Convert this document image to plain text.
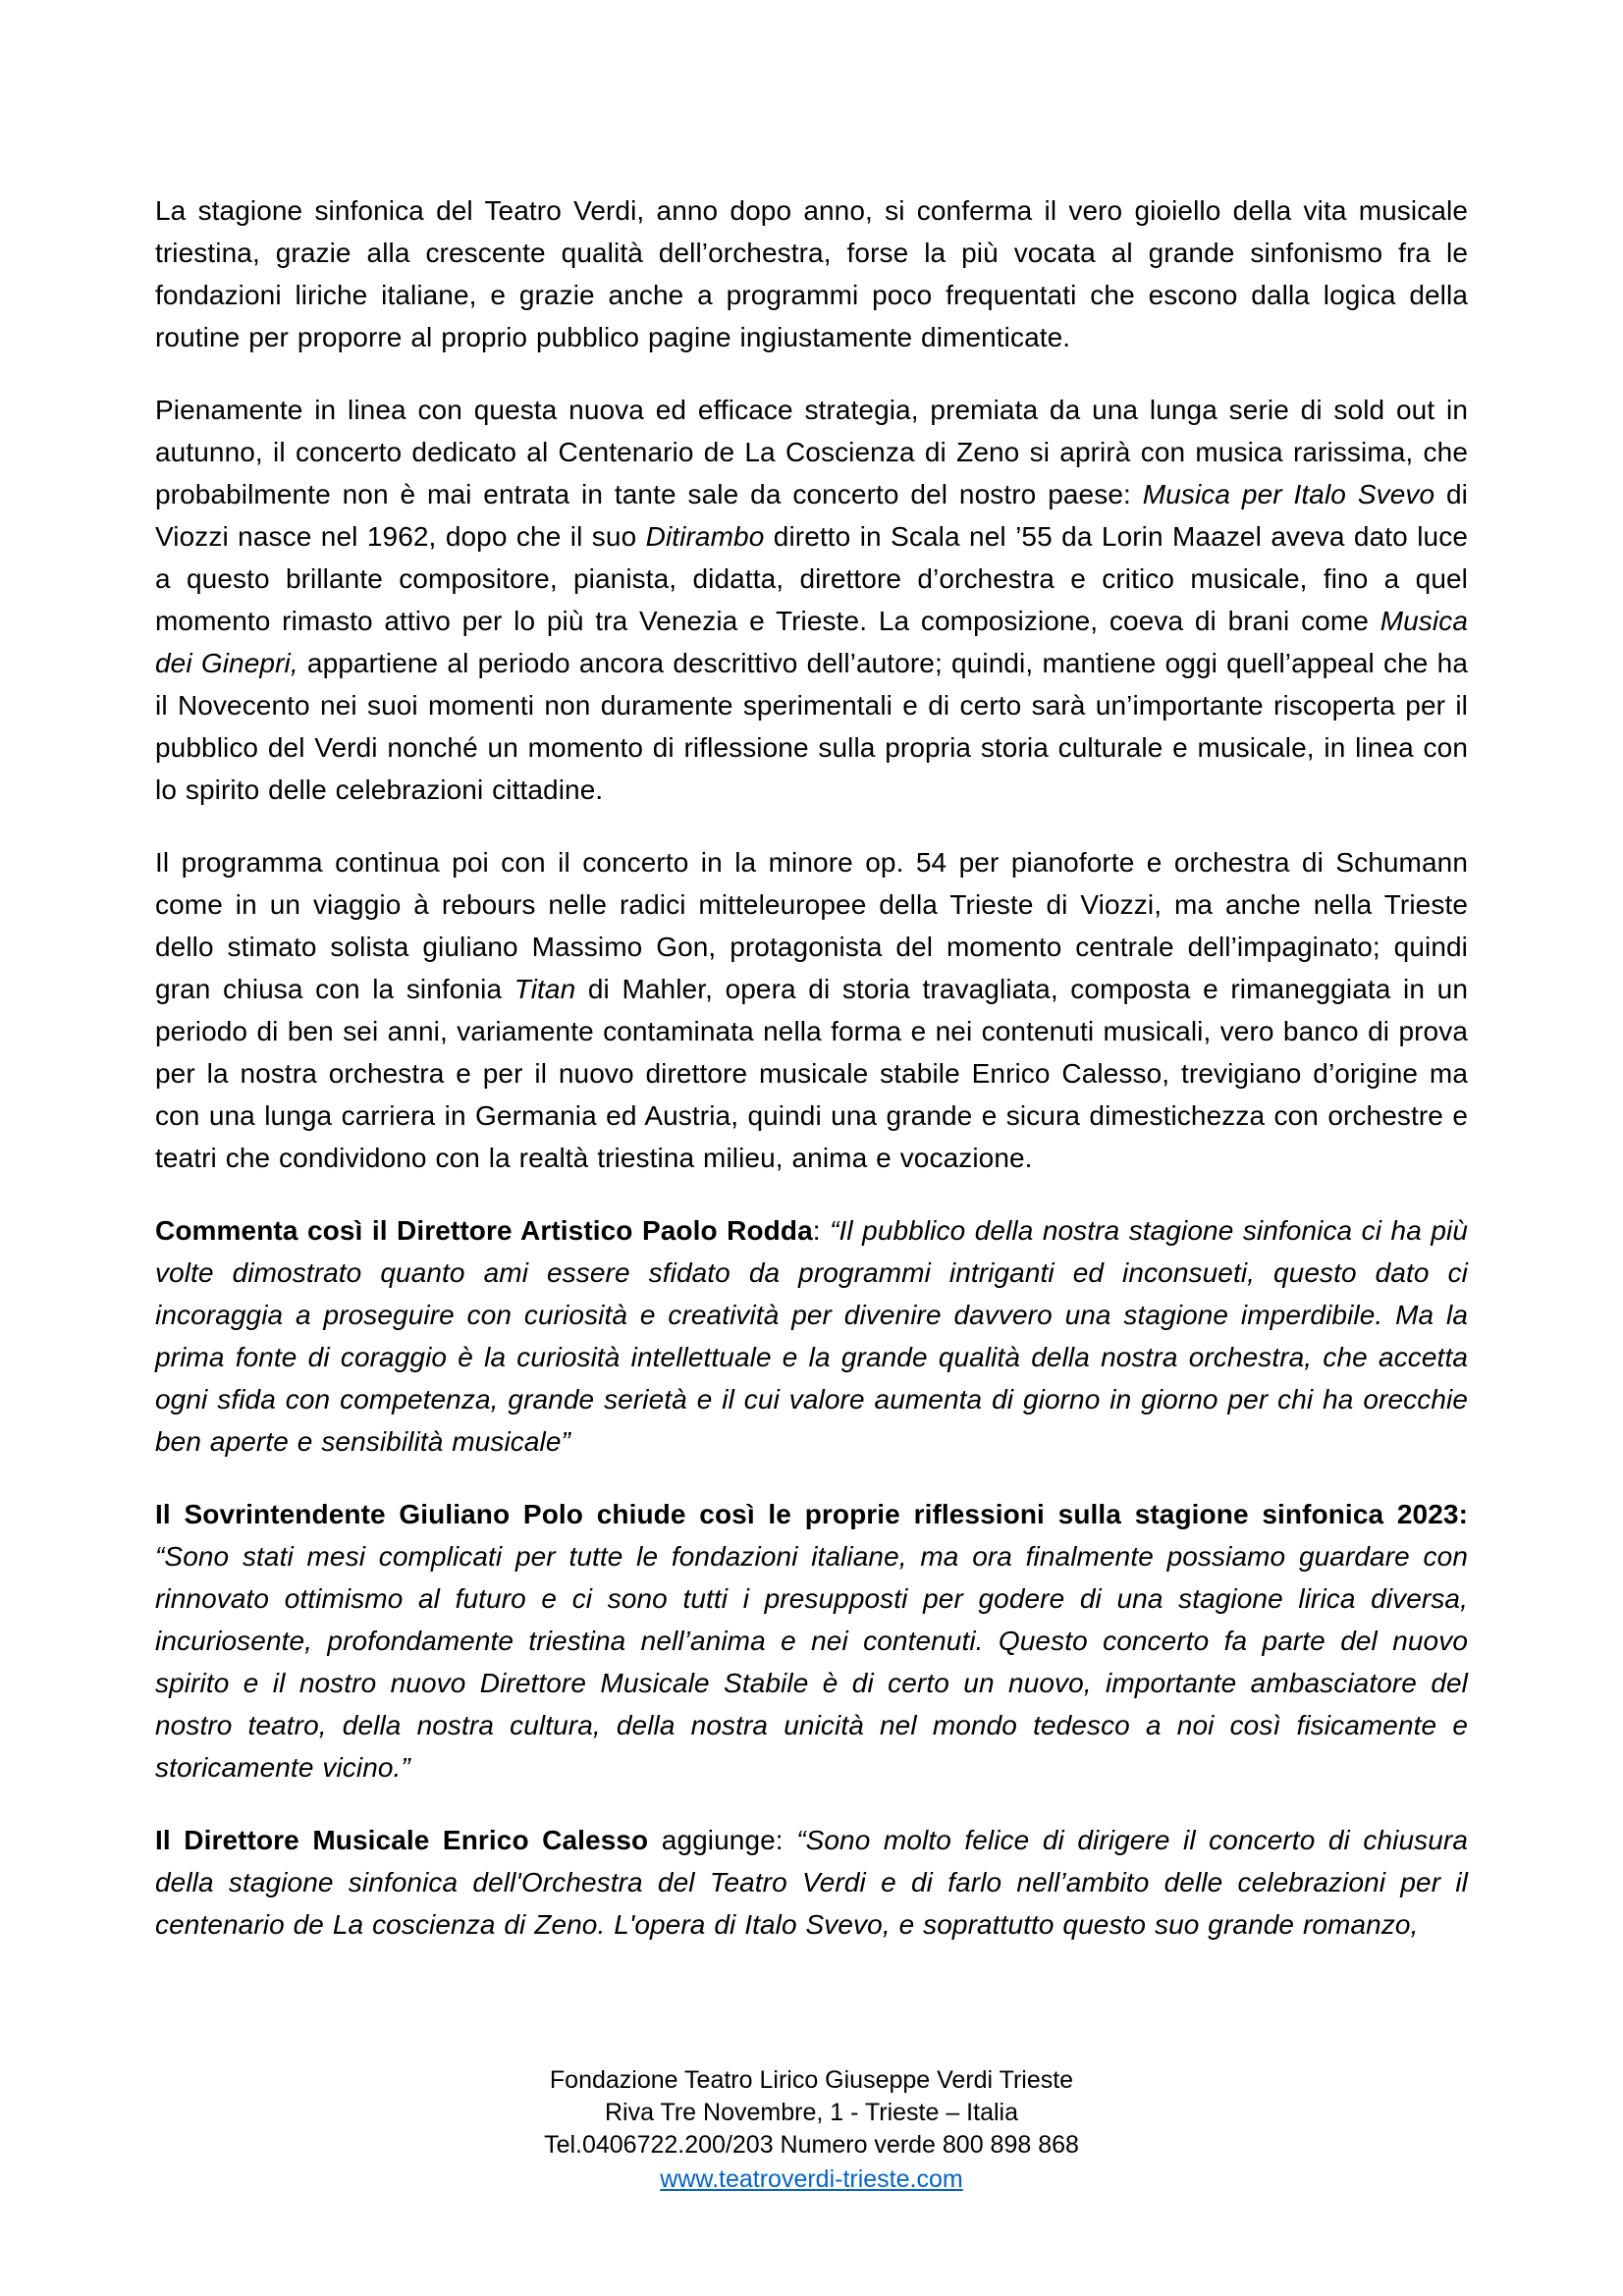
La stagione sinfonica del Teatro Verdi, anno dopo anno, si conferma il vero gioiello della vita musicale triestina, grazie alla crescente qualità dell’orchestra, forse la più vocata al grande sinfonismo fra le fondazioni liriche italiane, e grazie anche a programmi poco frequentati che escono dalla logica della routine per proporre al proprio pubblico pagine ingiustamente dimenticate.

Pienamente in linea con questa nuova ed efficace strategia, premiata da una lunga serie di sold out in autunno, il concerto dedicato al Centenario de La Coscienza di Zeno si aprirà con musica rarissima, che probabilmente non è mai entrata in tante sale da concerto del nostro paese: Musica per Italo Svevo di Viozzi nasce nel 1962, dopo che il suo Ditirambo diretto in Scala nel ’55 da Lorin Maazel aveva dato luce a questo brillante compositore, pianista, didatta, direttore d’orchestra e critico musicale, fino a quel momento rimasto attivo per lo più tra Venezia e Trieste. La composizione, coeva di brani come Musica dei Ginepri, appartiene al periodo ancora descrittivo dell’autore; quindi, mantiene oggi quell’appeal che ha il Novecento nei suoi momenti non duramente sperimentali e di certo sarà un’importante riscoperta per il pubblico del Verdi nonché un momento di riflessione sulla propria storia culturale e musicale, in linea con lo spirito delle celebrazioni cittadine.

Il programma continua poi con il concerto in la minore op. 54 per pianoforte e orchestra di Schumann come in un viaggio à rebours nelle radici mitteleuropee della Trieste di Viozzi, ma anche nella Trieste dello stimato solista giuliano Massimo Gon, protagonista del momento centrale dell’impaginato; quindi gran chiusa con la sinfonia Titan di Mahler, opera di storia travagliata, composta e rimaneggiata in un periodo di ben sei anni, variamente contaminata nella forma e nei contenuti musicali, vero banco di prova per la nostra orchestra e per il nuovo direttore musicale stabile Enrico Calesso, trevigiano d’origine ma con una lunga carriera in Germania ed Austria, quindi una grande e sicura dimestichezza con orchestre e teatri che condividono con la realtà triestina milieu, anima e vocazione.

Commenta così il Direttore Artistico Paolo Rodda: “Il pubblico della nostra stagione sinfonica ci ha più volte dimostrato quanto ami essere sfidato da programmi intriganti ed inconsueti, questo dato ci incoraggia a proseguire con curiosità e creatività per divenire davvero una stagione imperdibile. Ma la prima fonte di coraggio è la curiosità intellettuale e la grande qualità della nostra orchestra, che accetta ogni sfida con competenza, grande serietà e il cui valore aumenta di giorno in giorno per chi ha orecchie ben aperte e sensibilità musicale”

Il Sovrintendente Giuliano Polo chiude così le proprie riflessioni sulla stagione sinfonica 2023: “Sono stati mesi complicati per tutte le fondazioni italiane, ma ora finalmente possiamo guardare con rinnovato ottimismo al futuro e ci sono tutti i presupposti per godere di una stagione lirica diversa, incuriosente, profondamente triestina nell’anima e nei contenuti. Questo concerto fa parte del nuovo spirito e il nostro nuovo Direttore Musicale Stabile è di certo un nuovo, importante ambasciatore del nostro teatro, della nostra cultura, della nostra unicità nel mondo tedesco a noi così fisicamente e storicamente vicino.”

Il Direttore Musicale Enrico Calesso aggiunge: “Sono molto felice di dirigere il concerto di chiusura della stagione sinfonica dell'Orchestra del Teatro Verdi e di farlo nell’ambito delle celebrazioni per il centenario de La coscienza di Zeno. L'opera di Italo Svevo, e soprattutto questo suo grande romanzo,

Fondazione Teatro Lirico Giuseppe Verdi Trieste

Riva Tre Novembre, 1 - Trieste – Italia

Tel.0406722.200/203 Numero verde 800 898 868

www.teatroverdi-trieste.com
